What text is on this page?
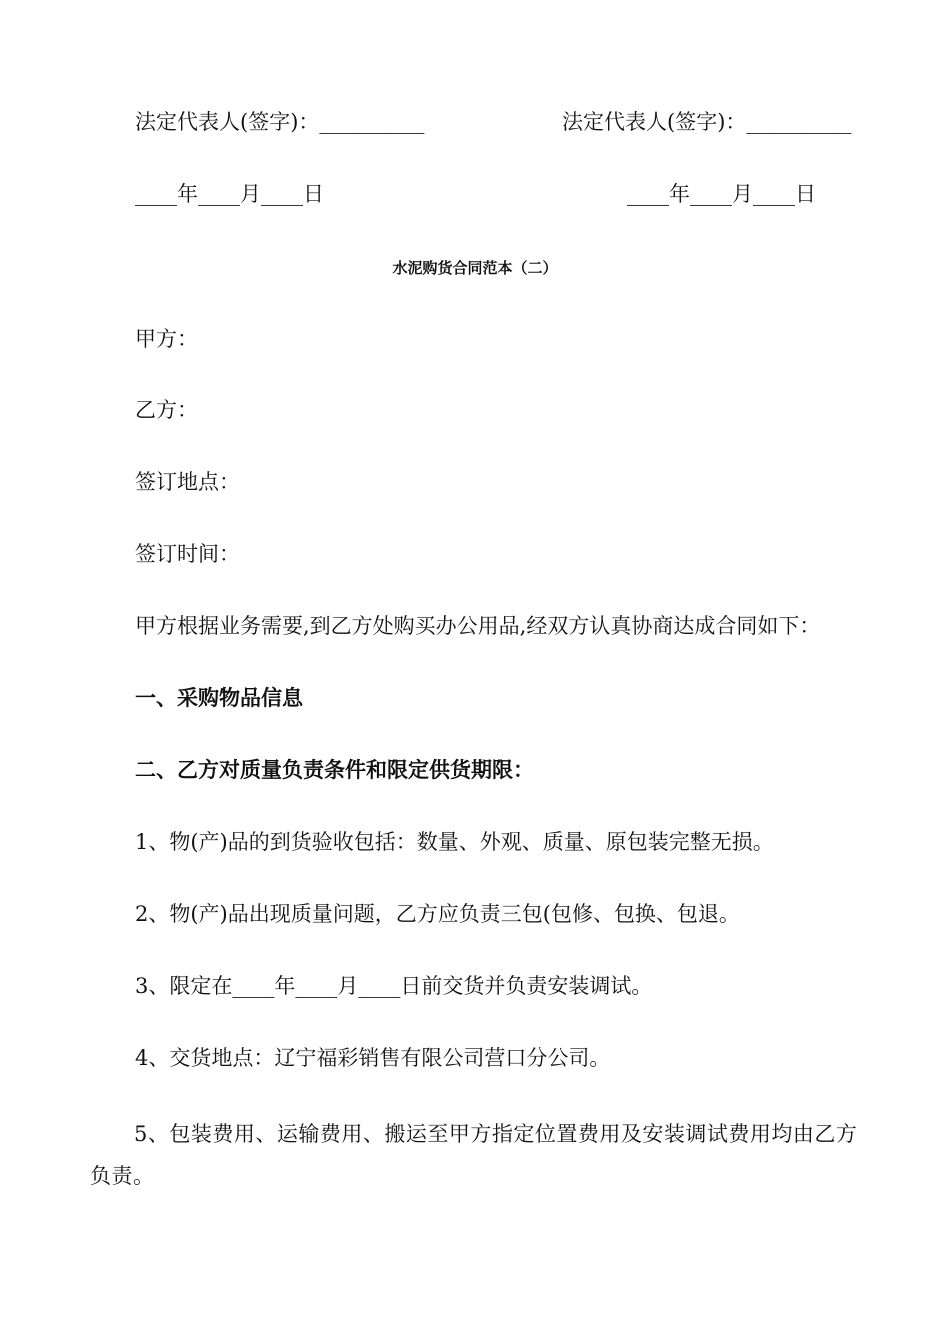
法定代表人(签字)：__________	法定代表人(签字)：__________
____年____月____日	____年____月____日
水泥购货合同范本（二）
甲方：
乙方：
签订地点：
签订时间：
甲方根据业务需要,到乙方处购买办公用品,经双方认真协商达成合同如下：
一、采购物品信息
二、乙方对质量负责条件和限定供货期限：
1、物(产)品的到货验收包括：数量、外观、质量、原包装完整无损。
2、物(产)品出现质量问题，乙方应负责三包(包修、包换、包退。
3、限定在____年____月____日前交货并负责安装调试。
4、交货地点：辽宁福彩销售有限公司营口分公司。
5、包装费用、运输费用、搬运至甲方指定位置费用及安装调试费用均由乙方负责。
